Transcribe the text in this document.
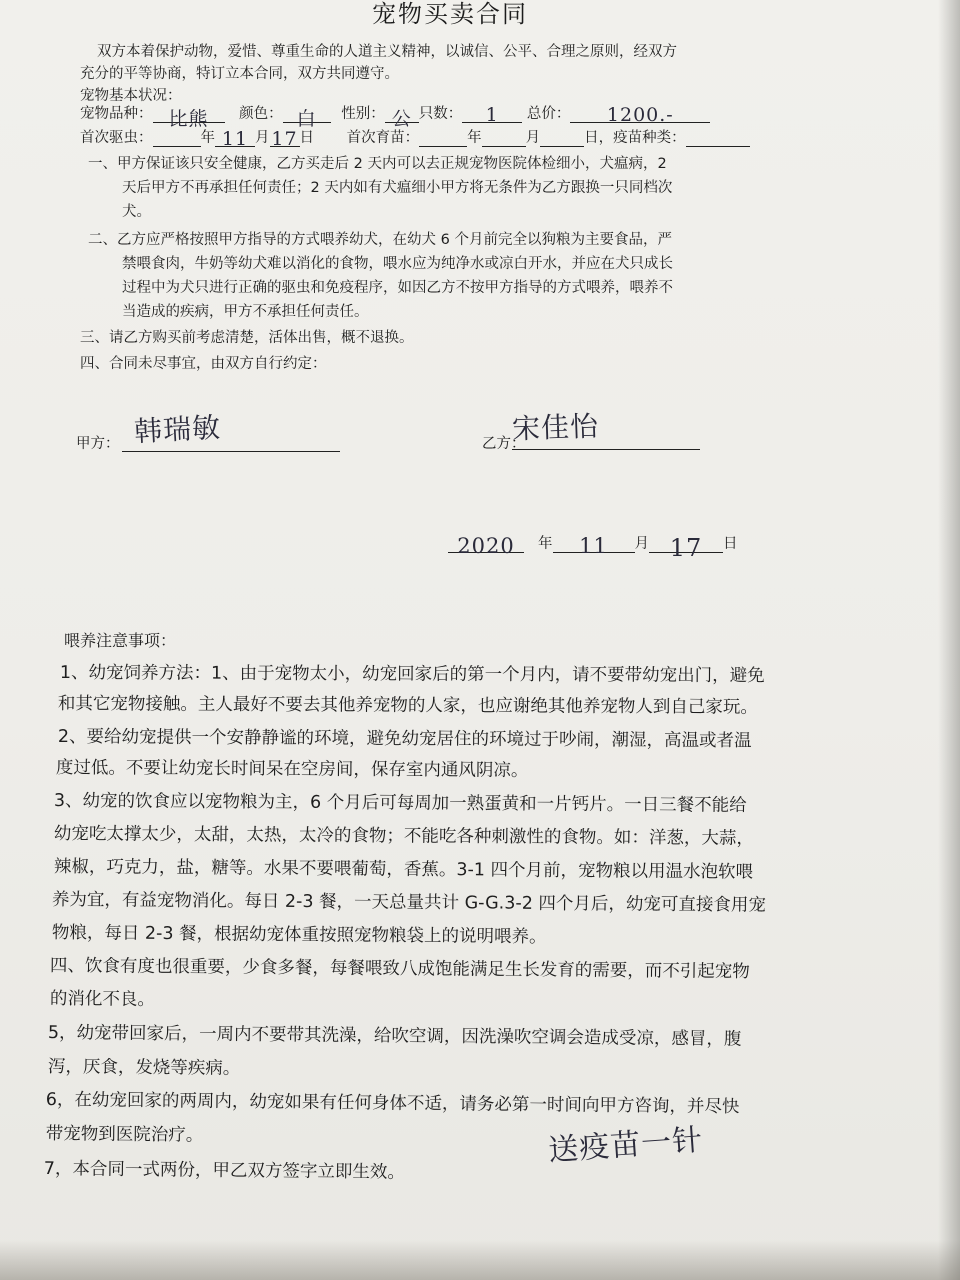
宠物买卖合同
双方本着保护动物，爱惜、尊重生命的人道主义精神，以诚信、公平、合理之原则，经双方
充分的平等协商，特订立本合同，双方共同遵守。
宠物基本状况：
宠物品种： 比熊 颜色： 白 性别： 公 只数： 1 总价： 1200.-
首次驱虫：	年 11 月 17 日 首次育苗：	年	月	日，疫苗种类：
一、甲方保证该只安全健康，乙方买走后 2 天内可以去正规宠物医院体检细小，犬瘟病，2
天后甲方不再承担任何责任；2 天内如有犬瘟细小甲方将无条件为乙方跟换一只同档次
犬。
二、乙方应严格按照甲方指导的方式喂养幼犬，在幼犬 6 个月前完全以狗粮为主要食品，严
禁喂食肉，牛奶等幼犬难以消化的食物，喂水应为纯净水或凉白开水，并应在犬只成长
过程中为犬只进行正确的驱虫和免疫程序，如因乙方不按甲方指导的方式喂养，喂养不
当造成的疾病，甲方不承担任何责任。
三、请乙方购买前考虑清楚，活体出售，概不退换。
四、合同未尽事宜，由双方自行约定：
甲方： 韩瑞敏	乙方：
宋佳怡
2020 年 11 月 17 日
喂养注意事项：
1、幼宠饲养方法：1、由于宠物太小，幼宠回家后的第一个月内，请不要带幼宠出门，避免
和其它宠物接触。主人最好不要去其他养宠物的人家，也应谢绝其他养宠物人到自己家玩。
2、要给幼宠提供一个安静静谧的环境，避免幼宠居住的环境过于吵闹，潮湿，高温或者温
度过低。不要让幼宠长时间呆在空房间，保存室内通风阴凉。
3、幼宠的饮食应以宠物粮为主，6 个月后可每周加一熟蛋黄和一片钙片。一日三餐不能给
幼宠吃太撑太少，太甜，太热，太冷的食物；不能吃各种刺激性的食物。如：洋葱，大蒜，
辣椒，巧克力，盐，糖等。水果不要喂葡萄，香蕉。3-1 四个月前，宠物粮以用温水泡软喂
养为宜，有益宠物消化。每日 2-3 餐，一天总量共计 G-G.3-2 四个月后，幼宠可直接食用宠
物粮，每日 2-3 餐，根据幼宠体重按照宠物粮袋上的说明喂养。
四、饮食有度也很重要，少食多餐，每餐喂致八成饱能满足生长发育的需要，而不引起宠物
的消化不良。
5，幼宠带回家后，一周内不要带其洗澡，给吹空调，因洗澡吹空调会造成受凉，感冒，腹
泻，厌食，发烧等疾病。
6，在幼宠回家的两周内，幼宠如果有任何身体不适，请务必第一时间向甲方咨询，并尽快
带宠物到医院治疗。
7，本合同一式两份，甲乙双方签字立即生效。
送疫苗一针
